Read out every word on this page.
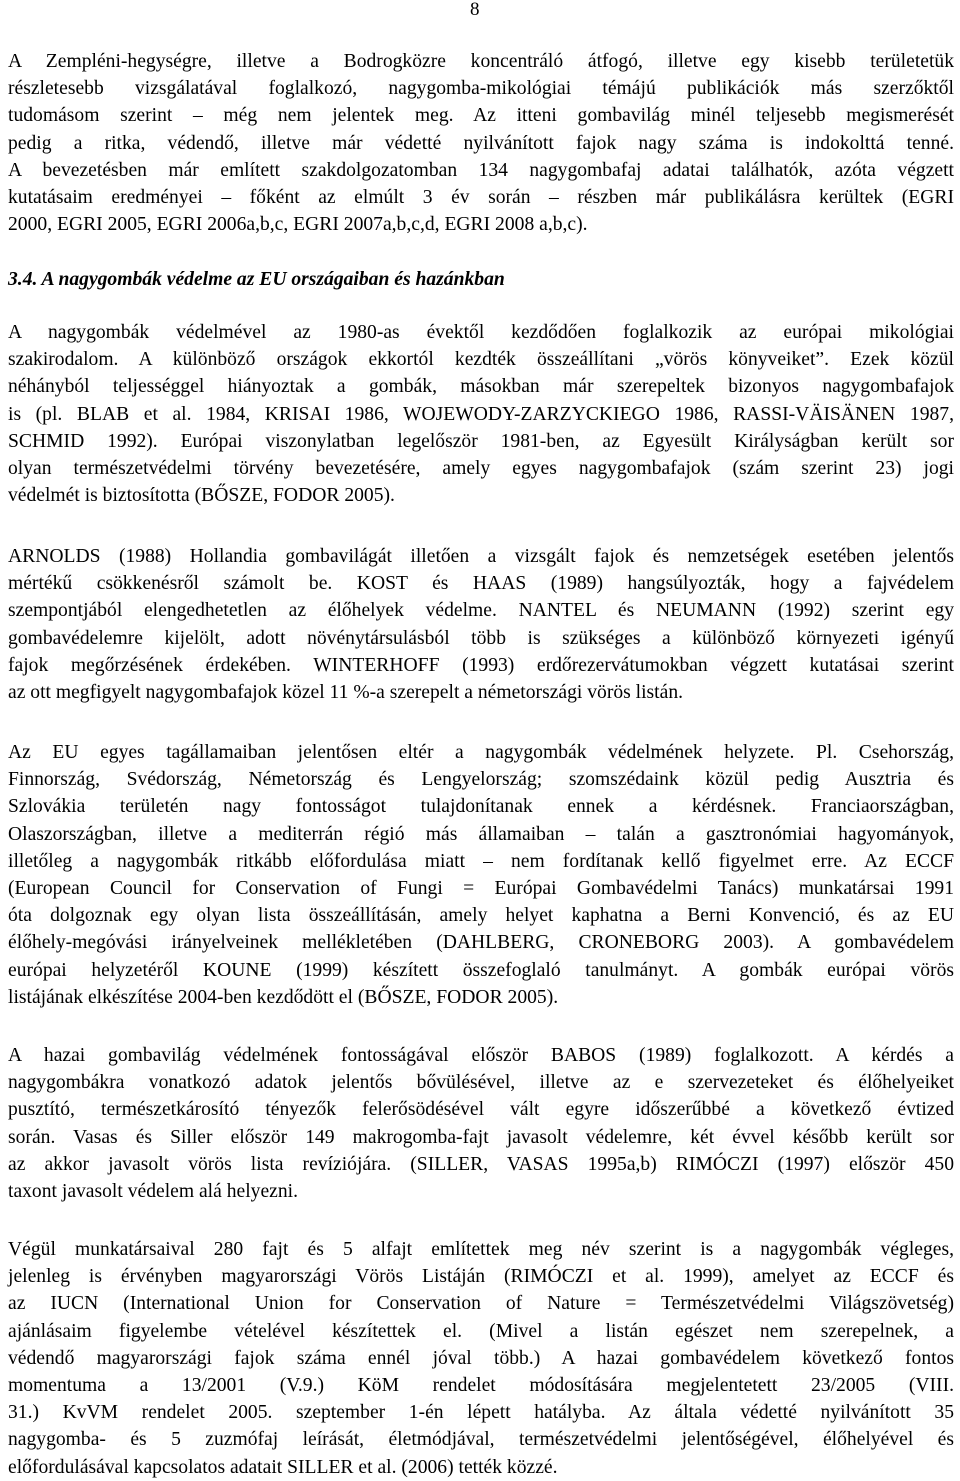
8
A Zempléni-hegységre, illetve a Bodrogközre koncentráló átfogó, illetve egy kisebb területetük
részletesebb vizsgálatával foglalkozó, nagygomba-mikológiai témájú publikációk más szerzőktől
tudomásom szerint – még nem jelentek meg. Az itteni gombavilág minél teljesebb megismerését
pedig a ritka, védendő, illetve már védetté nyilvánított fajok nagy száma is indokolttá tenné.
A bevezetésben már említett szakdolgozatomban 134 nagygombafaj adatai találhatók, azóta végzett
kutatásaim eredményei – főként az elmúlt 3 év során – részben már publikálásra kerültek (EGRI
2000, EGRI 2005, EGRI 2006a,b,c, EGRI 2007a,b,c,d, EGRI 2008 a,b,c).
3.4. A nagygombák védelme az EU országaiban és hazánkban
A nagygombák védelmével az 1980-as évektől kezdődően foglalkozik az európai mikológiai
szakirodalom. A különböző országok ekkortól kezdték összeállítani „vörös könyveiket”. Ezek közül
néhányból teljességgel hiányoztak a gombák, másokban már szerepeltek bizonyos nagygombafajok
is (pl. BLAB et al. 1984, KRISAI 1986, WOJEWODY-ZARZYCKIEGO 1986, RASSI-VÄISÄNEN 1987,
SCHMID 1992). Európai viszonylatban legelőször 1981-ben, az Egyesült Királyságban került sor
olyan természetvédelmi törvény bevezetésére, amely egyes nagygombafajok (szám szerint 23) jogi
védelmét is biztosította (BŐSZE, FODOR 2005).
ARNOLDS (1988) Hollandia gombavilágát illetően a vizsgált fajok és nemzetségek esetében jelentős
mértékű csökkenésről számolt be. KOST és HAAS (1989) hangsúlyozták, hogy a fajvédelem
szempontjából elengedhetetlen az élőhelyek védelme. NANTEL és NEUMANN (1992) szerint egy
gombavédelemre kijelölt, adott növénytársulásból több is szükséges a különböző környezeti igényű
fajok megőrzésének érdekében. WINTERHOFF (1993) erdőrezervátumokban végzett kutatásai szerint
az ott megfigyelt nagygombafajok közel 11 %-a szerepelt a németországi vörös listán.
Az EU egyes tagállamaiban jelentősen eltér a nagygombák védelmének helyzete. Pl. Csehország,
Finnország, Svédország, Németország és Lengyelország; szomszédaink közül pedig Ausztria és
Szlovákia területén nagy fontosságot tulajdonítanak ennek a kérdésnek. Franciaországban,
Olaszországban, illetve a mediterrán régió más államaiban – talán a gasztronómiai hagyományok,
illetőleg a nagygombák ritkább előfordulása miatt – nem fordítanak kellő figyelmet erre. Az ECCF
(European Council for Conservation of Fungi = Európai Gombavédelmi Tanács) munkatársai 1991
óta dolgoznak egy olyan lista összeállításán, amely helyet kaphatna a Berni Konvenció, és az EU
élőhely-megóvási irányelveinek mellékletében (DAHLBERG, CRONEBORG 2003). A gombavédelem
európai helyzetéről KOUNE (1999) készített összefoglaló tanulmányt. A gombák európai vörös
listájának elkészítése 2004-ben kezdődött el (BŐSZE, FODOR 2005).
A hazai gombavilág védelmének fontosságával először BABOS (1989) foglalkozott. A kérdés a
nagygombákra vonatkozó adatok jelentős bővülésével, illetve az e szervezeteket és élőhelyeiket
pusztító, természetkárosító tényezők felerősödésével vált egyre időszerűbbé a következő évtized
során. Vasas és Siller először 149 makrogomba-fajt javasolt védelemre, két évvel később került sor
az akkor javasolt vörös lista revíziójára. (SILLER, VASAS 1995a,b) RIMÓCZI (1997) először 450
taxont javasolt védelem alá helyezni.
Végül munkatársaival 280 fajt és 5 alfajt említettek meg név szerint is a nagygombák végleges,
jelenleg is érvényben magyarországi Vörös Listáján (RIMÓCZI et al. 1999), amelyet az ECCF és
az IUCN (International Union for Conservation of Nature = Természetvédelmi Világszövetség)
ajánlásaim figyelembe vételével készítettek el. (Mivel a listán egészet nem szerepelnek, a
védendő magyarországi fajok száma ennél jóval több.) A hazai gombavédelem következő fontos
momentuma a 13/2001 (V.9.) KöM rendelet módosítására megjelentetett 23/2005 (VIII.
31.) KvVM rendelet 2005. szeptember 1-én lépett hatályba. Az általa védetté nyilvánított 35
nagygomba- és 5 zuzmófaj leírását, életmódjával, természetvédelmi jelentőségével, élőhelyével és
előfordulásával kapcsolatos adatait SILLER et al. (2006) tették közzé.
